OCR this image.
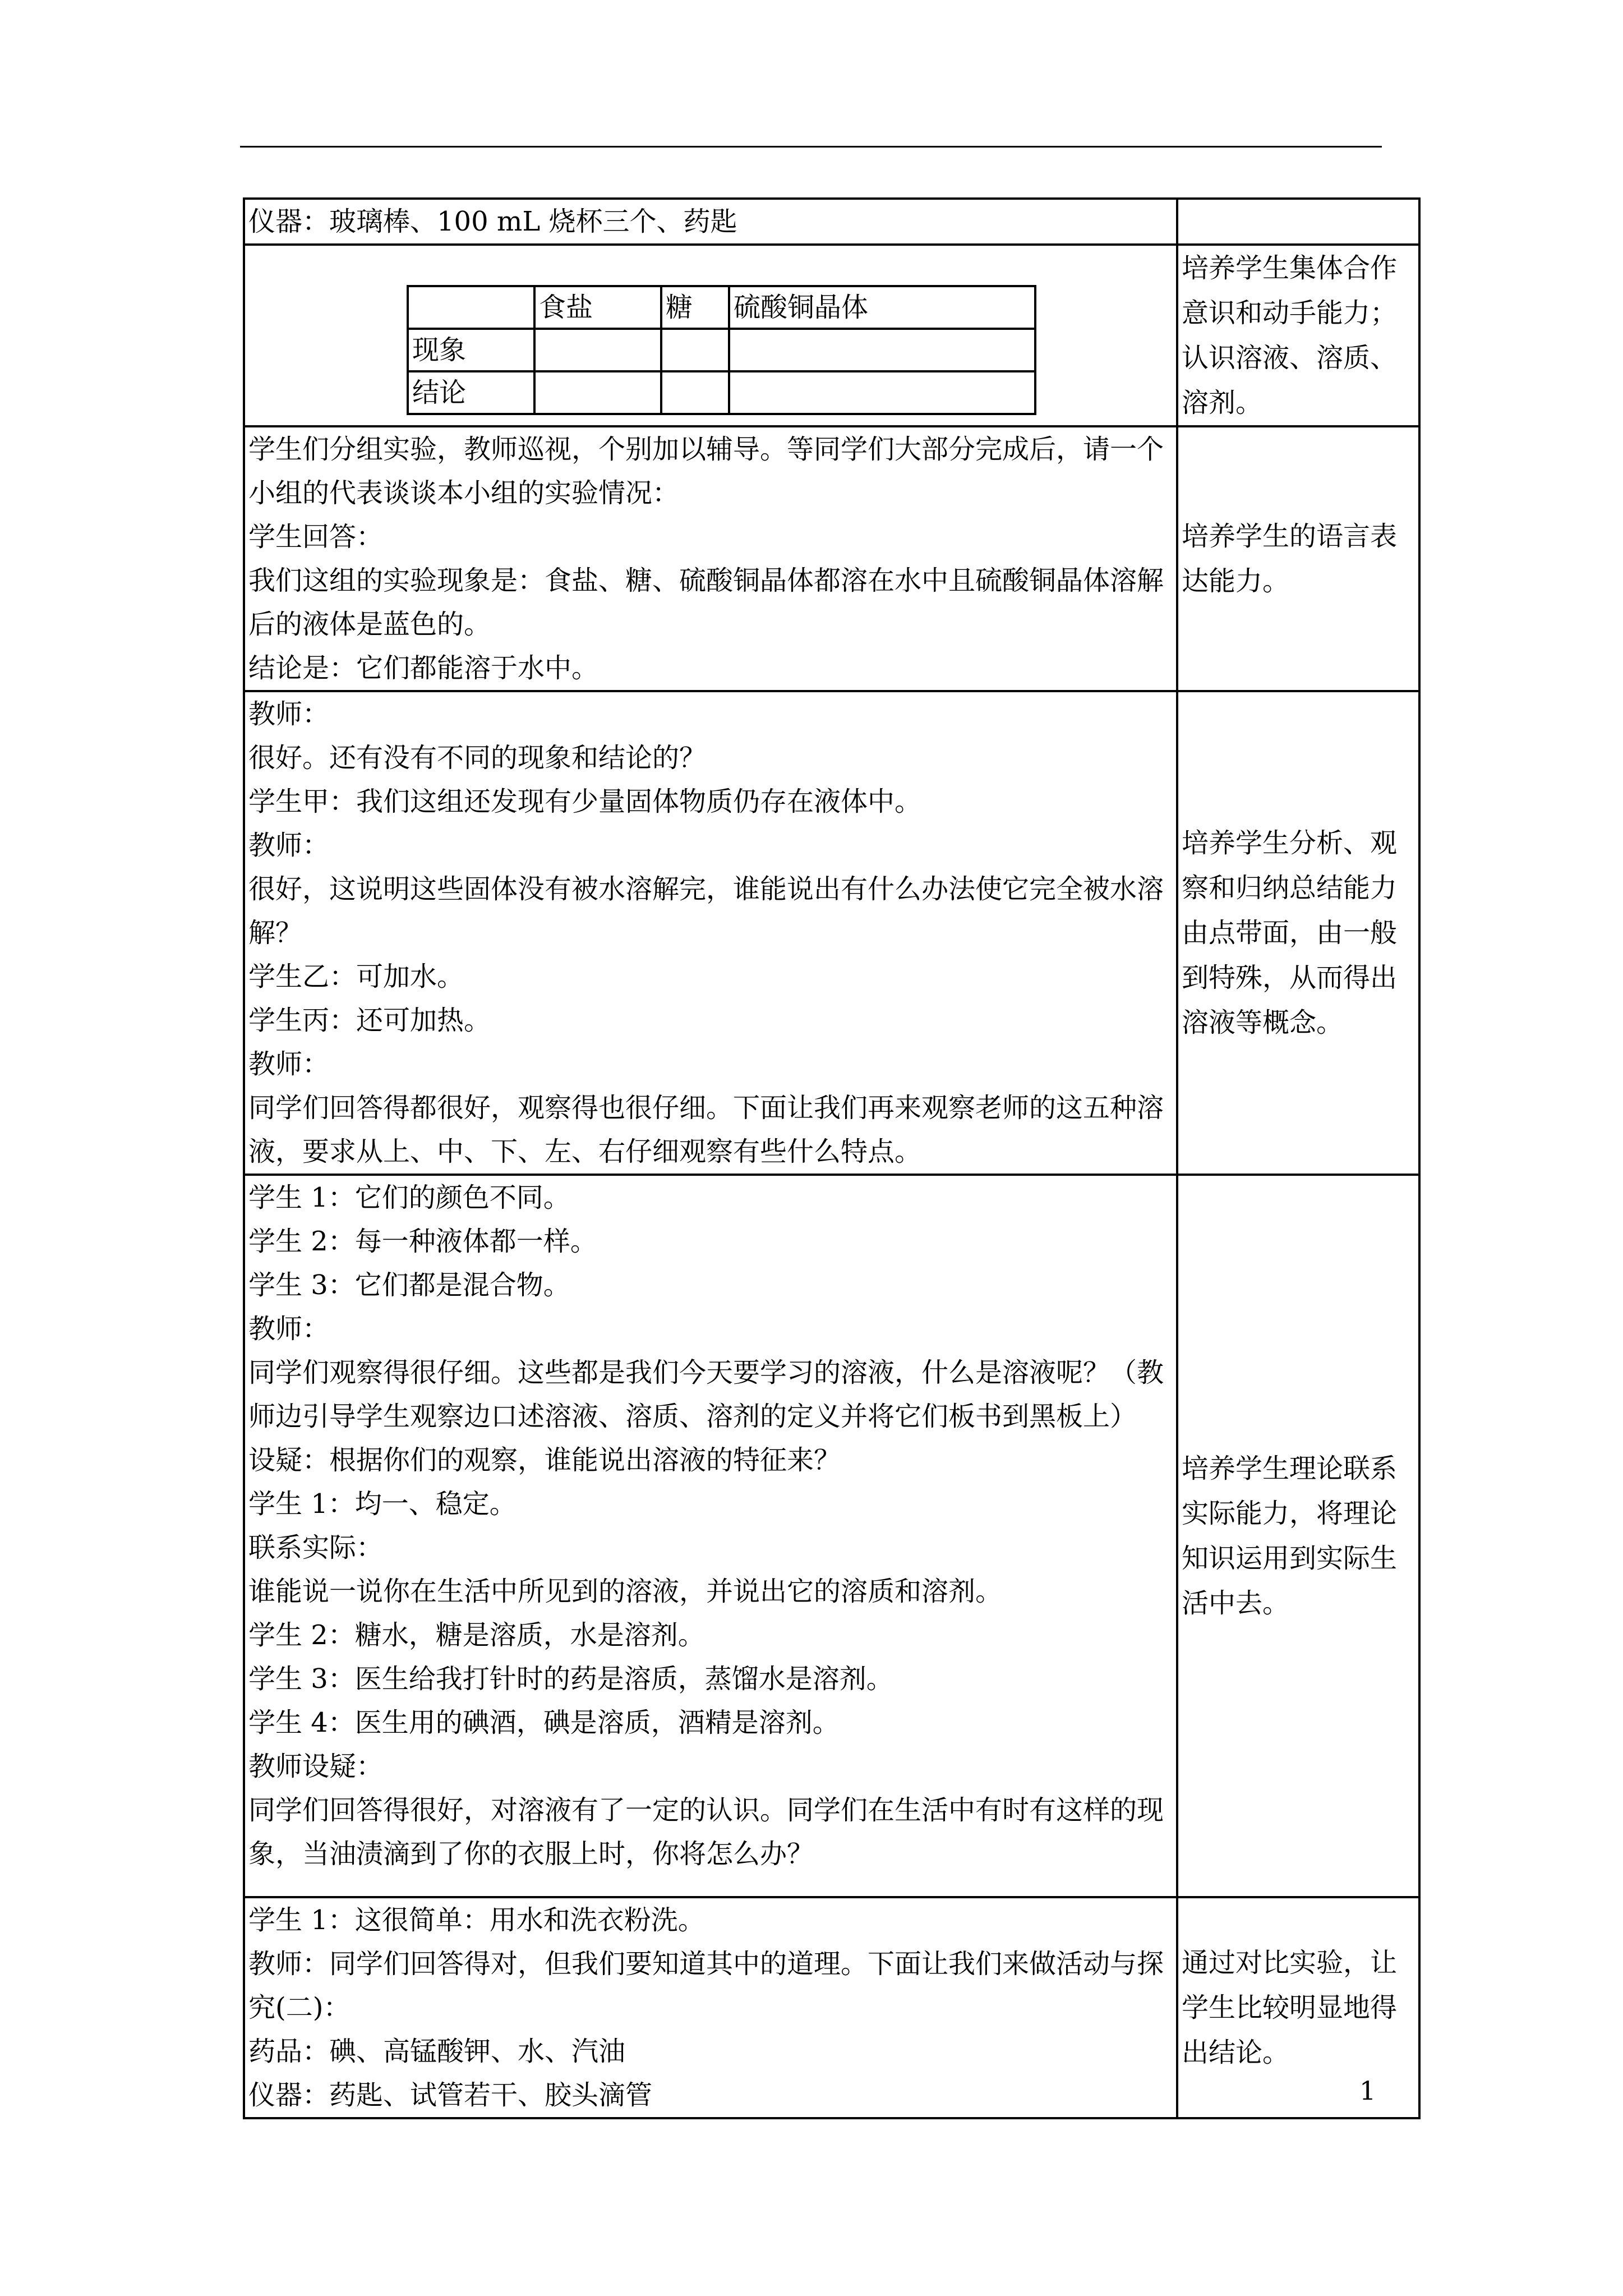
仪器：玻璃棒、100 mL 烧杯三个、药匙

	食盐	糖	硫酸铜晶体
现象			
结论			
	培养学生集体合作意识和动手能力；认识溶液、溶质、溶剂。

学生们分组实验，教师巡视，个别加以辅导。等同学们大部分完成后，请一个小组的代表谈谈本小组的实验情况：
学生回答：
我们这组的实验现象是：食盐、糖、硫酸铜晶体都溶在水中且硫酸铜晶体溶解后的液体是蓝色的。
结论是：它们都能溶于水中。
	培养学生的语言表达能力。

教师：
很好。还有没有不同的现象和结论的？
学生甲：我们这组还发现有少量固体物质仍存在液体中。
教师：
很好，这说明这些固体没有被水溶解完，谁能说出有什么办法使它完全被水溶解？
学生乙：可加水。
学生丙：还可加热。
教师：
同学们回答得都很好，观察得也很仔细。下面让我们再来观察老师的这五种溶液，要求从上、中、下、左、右仔细观察有些什么特点。
	培养学生分析、观察和归纳总结能力由点带面，由一般到特殊，从而得出溶液等概念。

学生 1：它们的颜色不同。
学生 2：每一种液体都一样。
学生 3：它们都是混合物。
教师：
同学们观察得很仔细。这些都是我们今天要学习的溶液，什么是溶液呢？（教师边引导学生观察边口述溶液、溶质、溶剂的定义并将它们板书到黑板上）
设疑：根据你们的观察，谁能说出溶液的特征来？
学生 1：均一、稳定。
联系实际：
谁能说一说你在生活中所见到的溶液，并说出它的溶质和溶剂。
学生 2：糖水，糖是溶质，水是溶剂。
学生 3：医生给我打针时的药是溶质，蒸馏水是溶剂。
学生 4：医生用的碘酒，碘是溶质，酒精是溶剂。
教师设疑：
同学们回答得很好，对溶液有了一定的认识。同学们在生活中有时有这样的现象，当油渍滴到了你的衣服上时，你将怎么办？
	培养学生理论联系实际能力，将理论知识运用到实际生活中去。

学生 1：这很简单：用水和洗衣粉洗。
教师：同学们回答得对，但我们要知道其中的道理。下面让我们来做活动与探究(二)：
药品：碘、高锰酸钾、水、汽油
仪器：药匙、试管若干、胶头滴管
	通过对比实验，让学生比较明显地得出结论。
1
